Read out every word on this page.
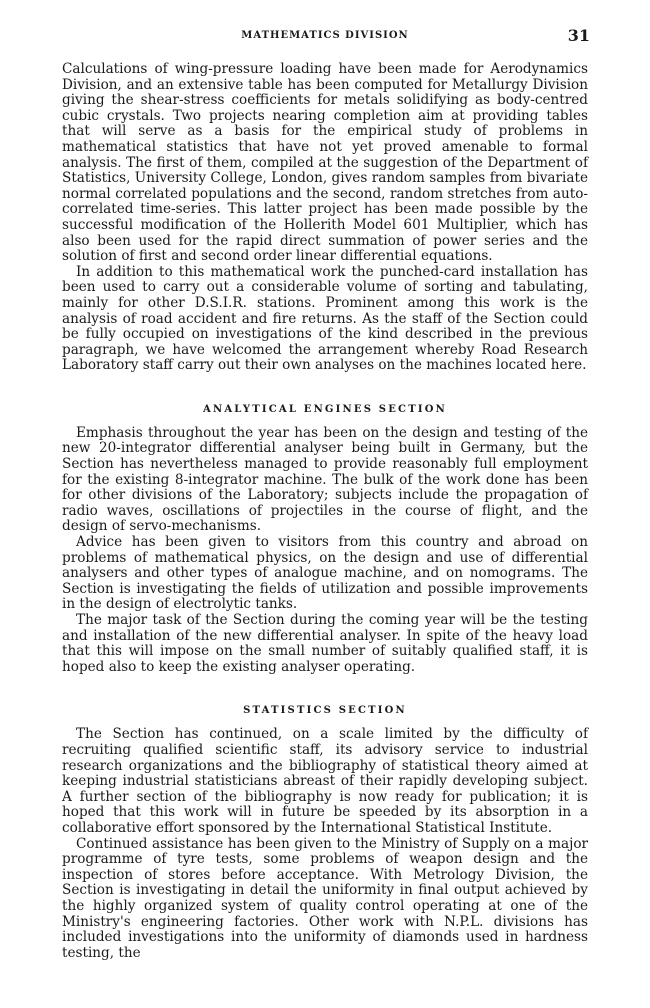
MATHEMATICS DIVISION	31

Calculations of wing-pressure loading have been made for Aerodynamics Division, and an extensive table has been computed for Metallurgy Division giving the shear-stress coefficients for metals solidifying as body-centred cubic crystals. Two projects nearing completion aim at providing tables that will serve as a basis for the empirical study of problems in mathematical statistics that have not yet proved amenable to formal analysis. The first of them, compiled at the suggestion of the Department of Statistics, University College, London, gives random samples from bivariate normal correlated populations and the second, random stretches from auto-correlated time-series. This latter project has been made possible by the successful modification of the Hollerith Model 601 Multiplier, which has also been used for the rapid direct summation of power series and the solution of first and second order linear differential equations.

In addition to this mathematical work the punched-card installation has been used to carry out a considerable volume of sorting and tabulating, mainly for other D.S.I.R. stations. Prominent among this work is the analysis of road accident and fire returns. As the staff of the Section could be fully occupied on investigations of the kind described in the previous paragraph, we have welcomed the arrangement whereby Road Research Laboratory staff carry out their own analyses on the machines located here.

ANALYTICAL ENGINES SECTION

Emphasis throughout the year has been on the design and testing of the new 20-integrator differential analyser being built in Germany, but the Section has nevertheless managed to provide reasonably full employment for the existing 8-integrator machine. The bulk of the work done has been for other divisions of the Laboratory; subjects include the propagation of radio waves, oscillations of projectiles in the course of flight, and the design of servo-mechanisms.

Advice has been given to visitors from this country and abroad on problems of mathematical physics, on the design and use of differential analysers and other types of analogue machine, and on nomograms. The Section is investigating the fields of utilization and possible improvements in the design of electrolytic tanks.

The major task of the Section during the coming year will be the testing and installation of the new differential analyser. In spite of the heavy load that this will impose on the small number of suitably qualified staff, it is hoped also to keep the existing analyser operating.

STATISTICS SECTION

The Section has continued, on a scale limited by the difficulty of recruiting qualified scientific staff, its advisory service to industrial research organizations and the bibliography of statistical theory aimed at keeping industrial statisticians abreast of their rapidly developing subject. A further section of the bibliography is now ready for publication; it is hoped that this work will in future be speeded by its absorption in a collaborative effort sponsored by the International Statistical Institute.

Continued assistance has been given to the Ministry of Supply on a major programme of tyre tests, some problems of weapon design and the inspection of stores before acceptance. With Metrology Division, the Section is investigating in detail the uniformity in final output achieved by the highly organized system of quality control operating at one of the Ministry's engineering factories. Other work with N.P.L. divisions has included investigations into the uniformity of diamonds used in hardness testing, the
